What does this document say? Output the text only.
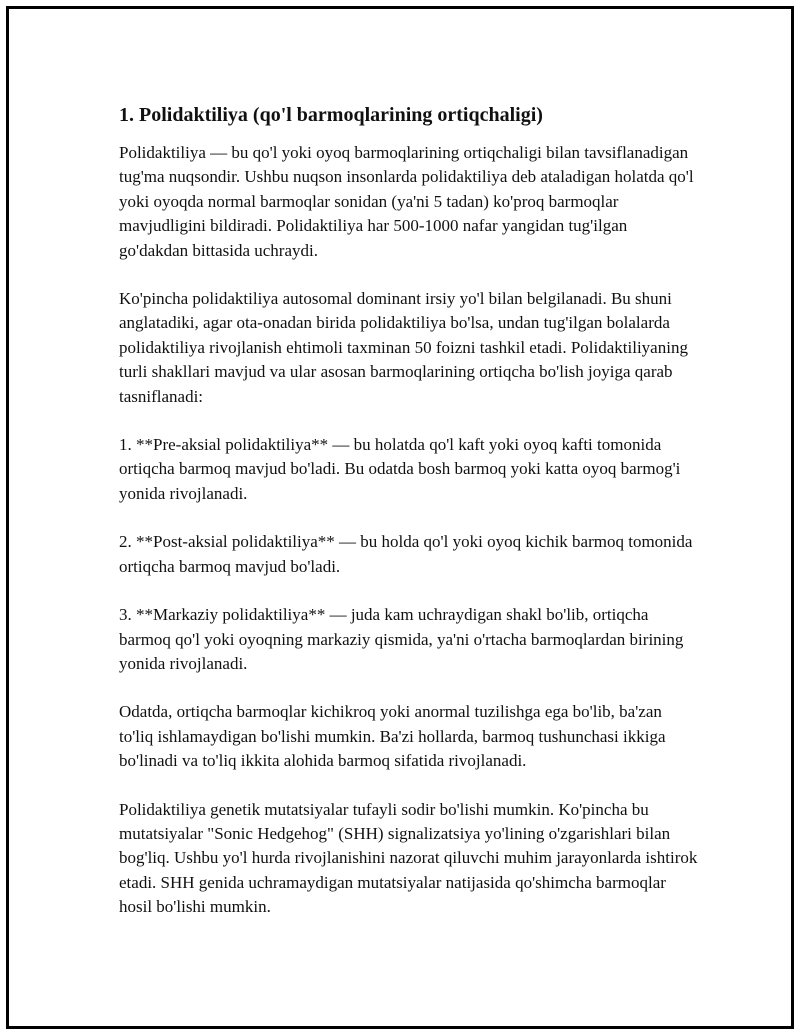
1. Polidaktiliya (qo'l barmoqlarining ortiqchaligi)

Polidaktiliya — bu qo'l yoki oyoq barmoqlarining ortiqchaligi bilan tavsiflanadigan tug'ma nuqsondir. Ushbu nuqson insonlarda polidaktiliya deb ataladigan holatda qo'l yoki oyoqda normal barmoqlar sonidan (ya'ni 5 tadan) ko'proq barmoqlar mavjudligini bildiradi. Polidaktiliya har 500-1000 nafar yangidan tug'ilgan go'dakdan bittasida uchraydi.

Ko'pincha polidaktiliya autosomal dominant irsiy yo'l bilan belgilanadi. Bu shuni anglatadiki, agar ota-onadan birida polidaktiliya bo'lsa, undan tug'ilgan bolalarda polidaktiliya rivojlanish ehtimoli taxminan 50 foizni tashkil etadi. Polidaktiliyaning turli shakllari mavjud va ular asosan barmoqlarining ortiqcha bo'lish joyiga qarab tasniflanadi:

1. **Pre-aksial polidaktiliya** — bu holatda qo'l kaft yoki oyoq kafti tomonida ortiqcha barmoq mavjud bo'ladi. Bu odatda bosh barmoq yoki katta oyoq barmog'i yonida rivojlanadi.

2. **Post-aksial polidaktiliya** — bu holda qo'l yoki oyoq kichik barmoq tomonida ortiqcha barmoq mavjud bo'ladi.

3. **Markaziy polidaktiliya** — juda kam uchraydigan shakl bo'lib, ortiqcha barmoq qo'l yoki oyoqning markaziy qismida, ya'ni o'rtacha barmoqlardan birining yonida rivojlanadi.

Odatda, ortiqcha barmoqlar kichikroq yoki anormal tuzilishga ega bo'lib, ba'zan to'liq ishlamaydigan bo'lishi mumkin. Ba'zi hollarda, barmoq tushunchasi ikkiga bo'linadi va to'liq ikkita alohida barmoq sifatida rivojlanadi.

Polidaktiliya genetik mutatsiyalar tufayli sodir bo'lishi mumkin. Ko'pincha bu mutatsiyalar "Sonic Hedgehog" (SHH) signalizatsiya yo'lining o'zgarishlari bilan bog'liq. Ushbu yo'l hurda rivojlanishini nazorat qiluvchi muhim jarayonlarda ishtirok etadi. SHH genida uchramaydigan mutatsiyalar natijasida qo'shimcha barmoqlar hosil bo'lishi mumkin.
